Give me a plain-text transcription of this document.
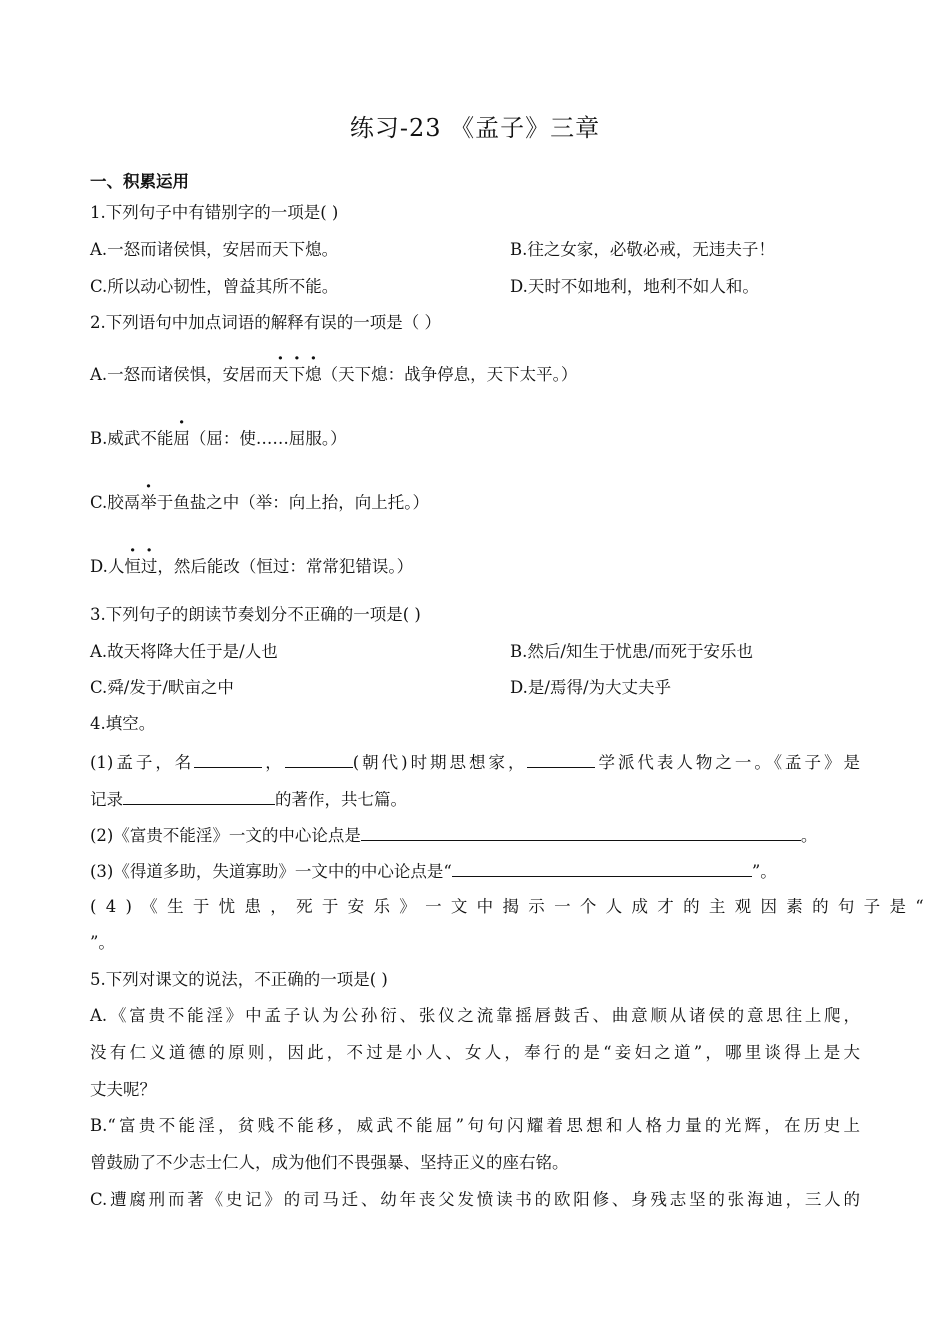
练习-23 《孟子》三章
一、积累运用
1.下列句子中有错别字的一项是( )
A.一怒而诸侯惧，安居而天下熄。	B.往之女家，必敬必戒，无违夫子！
C.所以动心韧性，曾益其所不能。	D.天时不如地利，地利不如人和。
2.下列语句中加点词语的解释有误的一项是（ ）
A.一怒而诸侯惧，安居而天下熄（天下熄：战争停息，天下太平。）
B.威武不能屈（屈：使……屈服。）
C.胶鬲举于鱼盐之中（举：向上抬，向上托。）
D.人恒过，然后能改（恒过：常常犯错误。）
3.下列句子的朗读节奏划分不正确的一项是( )
A.故天将降大任于是/人也	B.然后/知生于忧患/而死于安乐也
C.舜/发于/畎亩之中	D.是/焉得/为大丈夫乎
4.填空。
(1)孟子，名	，	(朝代)时期思想家，	学派代表人物之一。《孟子》是
记录	的著作，共七篇。
(2)《富贵不能淫》一文的中心论点是	。
(3)《得道多助，失道寡助》一文中的中心论点是“	”。
(4)《生于忧患，死于安乐》一文中揭示一个人成才的主观因素的句子是“
”。
5.下列对课文的说法，不正确的一项是( )
A.《富贵不能淫》中孟子认为公孙衍、张仪之流靠摇唇鼓舌、曲意顺从诸侯的意思往上爬，
没有仁义道德的原则，因此，不过是小人、女人，奉行的是“妾妇之道”，哪里谈得上是大
丈夫呢？
B.“富贵不能淫，贫贱不能移，威武不能屈”句句闪耀着思想和人格力量的光辉，在历史上
曾鼓励了不少志士仁人，成为他们不畏强暴、坚持正义的座右铭。
C.遭腐刑而著《史记》的司马迁、幼年丧父发愤读书的欧阳修、身残志坚的张海迪，三人的
